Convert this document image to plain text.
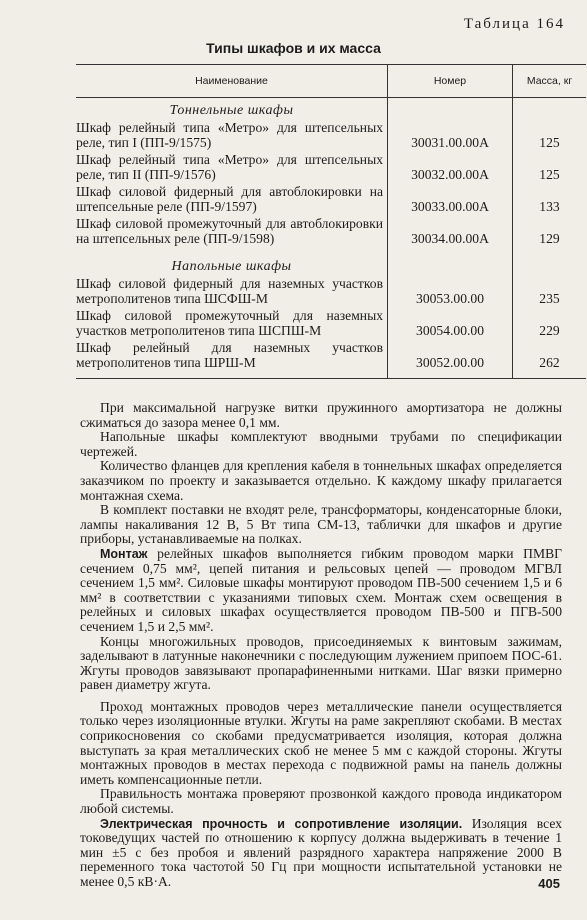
Таблица 164
Типы шкафов и их масса
Наименование	Номер	Масса, кг
Тоннельные шкафы		
Шкаф релейный типа «Метро» для штепсельных реле, тип I (ПП-9/1575)	30031.00.00А	125
Шкаф релейный типа «Метро» для штепсельных реле, тип II (ПП-9/1576)	30032.00.00А	125
Шкаф силовой фидерный для автоблокировки на штепсельные реле (ПП-9/1597)	30033.00.00А	133
Шкаф силовой промежуточный для автоблокировки на штепсельных реле (ПП-9/1598)	30034.00.00А	129

Напольные шкафы		
Шкаф силовой фидерный для наземных участков метрополитенов типа ШСФШ-М	30053.00.00	235
Шкаф силовой промежуточный для наземных участков метрополитенов типа ШСПШ-М	30054.00.00	229
Шкаф релейный для наземных участков метрополитенов типа ШРШ-М	30052.00.00	262

При максимальной нагрузке витки пружинного амортизатора не должны сжиматься до зазора менее 0,1 мм.

Напольные шкафы комплектуют вводными трубами по спецификации чертежей.

Количество фланцев для крепления кабеля в тоннельных шкафах определяется заказчиком по проекту и заказывается отдельно. К каждому шкафу прилагается монтажная схема.

В комплект поставки не входят реле, трансформаторы, конденсаторные блоки, лампы накаливания 12 В, 5 Вт типа СМ-13, таблички для шкафов и другие приборы, устанавливаемые на полках.

Монтаж релейных шкафов выполняется гибким проводом марки ПМВГ сечением 0,75 мм², цепей питания и рельсовых цепей — проводом МГВЛ сечением 1,5 мм². Силовые шкафы монтируют проводом ПВ-500 сечением 1,5 и 6 мм² в соответствии с указаниями типовых схем. Монтаж схем освещения в релейных и силовых шкафах осуществляется проводом ПВ-500 и ПГВ-500 сечением 1,5 и 2,5 мм².

Концы многожильных проводов, присоединяемых к винтовым зажимам, заделывают в латунные наконечники с последующим лужением припоем ПОС-61. Жгуты проводов завязывают пропарафиненными нитками. Шаг вязки примерно равен диаметру жгута.

Проход монтажных проводов через металлические панели осуществляется только через изоляционные втулки. Жгуты на раме закрепляют скобами. В местах соприкосновения со скобами предусматривается изоляция, которая должна выступать за края металлических скоб не менее 5 мм с каждой стороны. Жгуты монтажных проводов в местах перехода с подвижной рамы на панель должны иметь компенсационные петли.

Правильность монтажа проверяют прозвонкой каждого провода индикатором любой системы.

Электрическая прочность и сопротивление изоляции. Изоляция всех токоведущих частей по отношению к корпусу должна выдерживать в течение 1 мин ±5 с без пробоя и явлений разрядного характера напряжение 2000 В переменного тока частотой 50 Гц при мощности испытательной установки не менее 0,5 кВ·А.	405
